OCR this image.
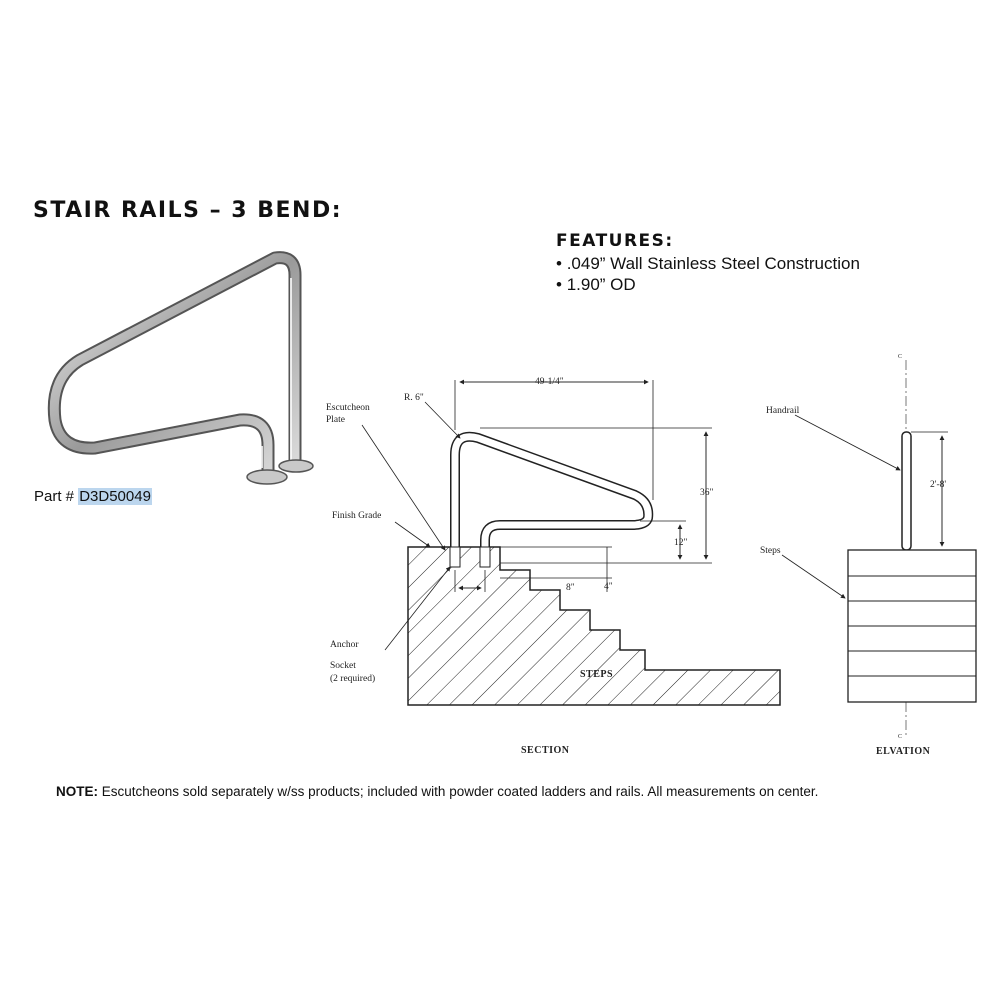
STAIR RAILS – 3 BEND:
FEATURES:
• .049” Wall Stainless Steel Construction
• 1.90” OD
Part # D3D50049
Escutcheon
Plate
R. 6"
Finish Grade
Anchor
Socket
(2 required)
49-1/4"
36"
12"
8"	4"
STEPS
SECTION
C
C
Handrail
Steps
2'-8'
ELVATION
NOTE: Escutcheons sold separately w/ss products; included with powder coated ladders and rails. All measurements on center.
